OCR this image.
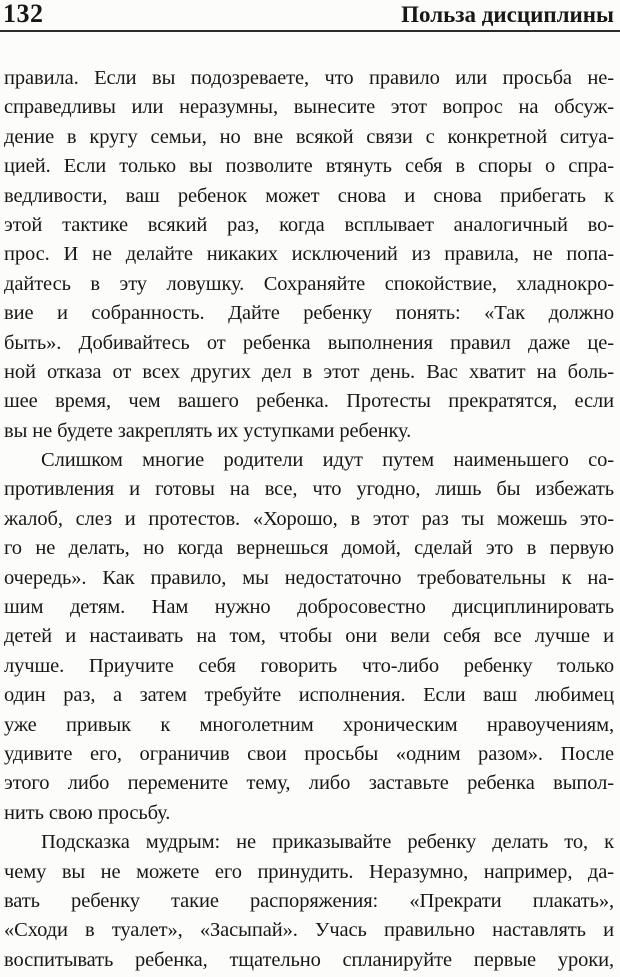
132	Польза дисциплины
правила. Если вы подозреваете, что правило или просьба не-
справедливы или неразумны, вынесите этот вопрос на обсуж-
дение в кругу семьи, но вне всякой связи с конкретной ситуа-
цией. Если только вы позволите втянуть себя в споры о спра-
ведливости, ваш ребенок может снова и снова прибегать к
этой тактике всякий раз, когда всплывает аналогичный во-
прос. И не делайте никаких исключений из правила, не попа-
дайтесь в эту ловушку. Сохраняйте спокойствие, хладнокро-
вие и собранность. Дайте ребенку понять: «Так должно
быть». Добивайтесь от ребенка выполнения правил даже це-
ной отказа от всех других дел в этот день. Вас хватит на боль-
шее время, чем вашего ребенка. Протесты прекратятся, если
вы не будете закреплять их уступками ребенку.
Слишком многие родители идут путем наименьшего со-
противления и готовы на все, что угодно, лишь бы избежать
жалоб, слез и протестов. «Хорошо, в этот раз ты можешь это-
го не делать, но когда вернешься домой, сделай это в первую
очередь». Как правило, мы недостаточно требовательны к на-
шим детям. Нам нужно добросовестно дисциплинировать
детей и настаивать на том, чтобы они вели себя все лучше и
лучше. Приучите себя говорить что-либо ребенку только
один раз, а затем требуйте исполнения. Если ваш любимец
уже привык к многолетним хроническим нравоучениям,
удивите его, ограничив свои просьбы «одним разом». После
этого либо перемените тему, либо заставьте ребенка выпол-
нить свою просьбу.
Подсказка мудрым: не приказывайте ребенку делать то, к
чему вы не можете его принудить. Неразумно, например, да-
вать ребенку такие распоряжения: «Прекрати плакать»,
«Сходи в туалет», «Засыпай». Учась правильно наставлять и
воспитывать ребенка, тщательно спланируйте первые уроки,
